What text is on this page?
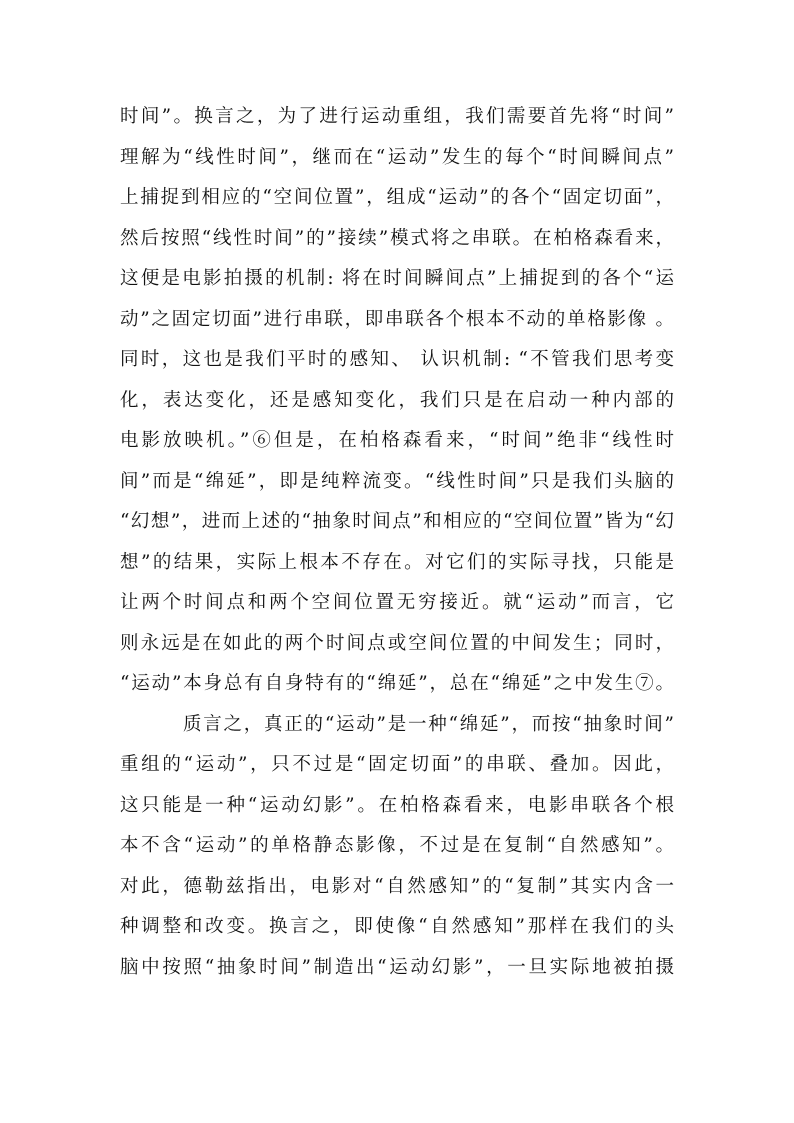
时间”。换言之，为了进行运动重组，我们需要首先将“时间”
理解为“线性时间”，继而在“运动”发生的每个“时间瞬间点”
上捕捉到相应的“空间位置”，组成“运动”的各个“固定切面”，
然后按照“线性时间”的”接续”模式将之串联。在柏格森看来，
这便是电影拍摄的机制: 将在时间瞬间点”上捕捉到的各个“运
动”之固定切面”进行串联，即串联各个根本不动的单格影像 。
同时，这也是我们平时的感知、 认识机制: “不管我们思考变
化，表达变化，还是感知变化，我们只是在启动一种内部的
电影放映机。”⑥但是，在柏格森看来，“时间”绝非“线性时
间”而是“绵延”，即是纯粹流变。“线性时间”只是我们头脑的
“幻想”，进而上述的“抽象时间点”和相应的“空间位置”皆为“幻
想”的结果，实际上根本不存在。对它们的实际寻找，只能是
让两个时间点和两个空间位置无穷接近。就“运动”而言，它
则永远是在如此的两个时间点或空间位置的中间发生；同时，
“运动”本身总有自身特有的“绵延”，总在“绵延”之中发生⑦。
质言之，真正的“运动”是一种“绵延”，而按“抽象时间”
重组的“运动”，只不过是“固定切面”的串联、叠加。因此，
这只能是一种“运动幻影”。在柏格森看来，电影串联各个根
本不含“运动”的单格静态影像，不过是在复制“自然感知”。
对此，德勒兹指出，电影对“自然感知”的“复制”其实内含一
种调整和改变。换言之，即使像“自然感知”那样在我们的头
脑中按照“抽象时间”制造出“运动幻影”，一旦实际地被拍摄
